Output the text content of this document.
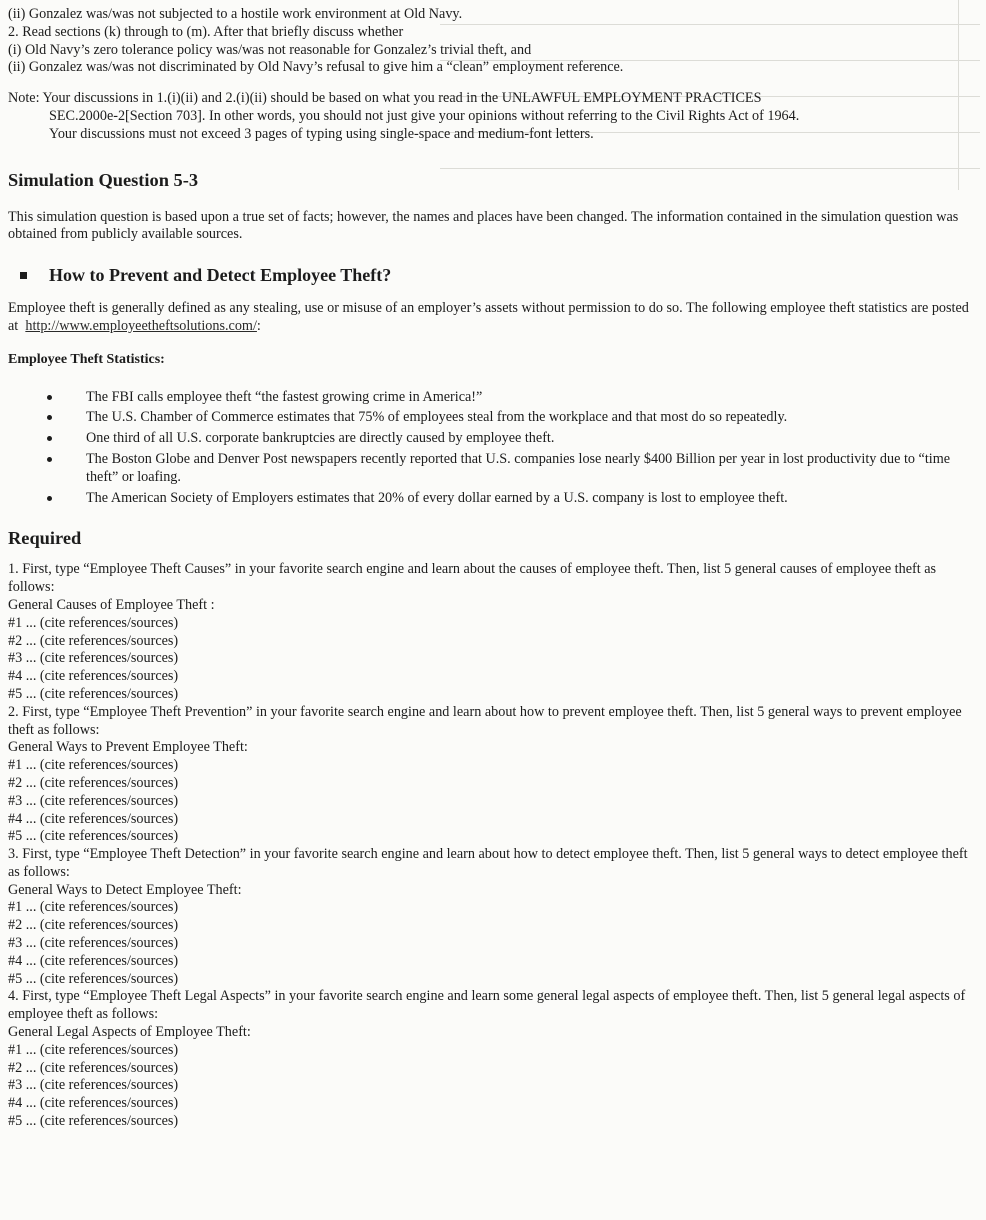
(ii) Gonzalez was/was not subjected to a hostile work environment at Old Navy.

2. Read sections (k) through to (m). After that briefly discuss whether

(i) Old Navy’s zero tolerance policy was/was not reasonable for Gonzalez’s trivial theft, and

(ii) Gonzalez was/was not discriminated by Old Navy’s refusal to give him a “clean” employment reference.

Note: Your discussions in 1.(i)(ii) and 2.(i)(ii) should be based on what you read in the UNLAWFUL EMPLOYMENT PRACTICES

SEC.2000e-2[Section 703]. In other words, you should not just give your opinions without referring to the Civil Rights Act of 1964.

Your discussions must not exceed 3 pages of typing using single-space and medium-font letters.

Simulation Question 5-3

This simulation question is based upon a true set of facts; however, the names and places have been changed. The information contained in the simulation question was obtained from publicly available sources.

How to Prevent and Detect Employee Theft?

Employee theft is generally defined as any stealing, use or misuse of an employer’s assets without permission to do so. The following employee theft statistics are posted at http://www.employeetheftsolutions.com/:

Employee Theft Statistics:

The FBI calls employee theft “the fastest growing crime in America!”
The U.S. Chamber of Commerce estimates that 75% of employees steal from the workplace and that most do so repeatedly.
One third of all U.S. corporate bankruptcies are directly caused by employee theft.
The Boston Globe and Denver Post newspapers recently reported that U.S. companies lose nearly $400 Billion per year in lost productivity due to “time theft” or loafing.
The American Society of Employers estimates that 20% of every dollar earned by a U.S. company is lost to employee theft.
Required

1. First, type “Employee Theft Causes” in your favorite search engine and learn about the causes of employee theft. Then, list 5 general causes of employee theft as follows:

General Causes of Employee Theft :

#1 ... (cite references/sources)

#2 ... (cite references/sources)

#3 ... (cite references/sources)

#4 ... (cite references/sources)

#5 ... (cite references/sources)

2. First, type “Employee Theft Prevention” in your favorite search engine and learn about how to prevent employee theft. Then, list 5 general ways to prevent employee theft as follows:

General Ways to Prevent Employee Theft:

#1 ... (cite references/sources)

#2 ... (cite references/sources)

#3 ... (cite references/sources)

#4 ... (cite references/sources)

#5 ... (cite references/sources)

3. First, type “Employee Theft Detection” in your favorite search engine and learn about how to detect employee theft. Then, list 5 general ways to detect employee theft as follows:

General Ways to Detect Employee Theft:

#1 ... (cite references/sources)

#2 ... (cite references/sources)

#3 ... (cite references/sources)

#4 ... (cite references/sources)

#5 ... (cite references/sources)

4. First, type “Employee Theft Legal Aspects” in your favorite search engine and learn some general legal aspects of employee theft. Then, list 5 general legal aspects of employee theft as follows:

General Legal Aspects of Employee Theft:

#1 ... (cite references/sources)

#2 ... (cite references/sources)

#3 ... (cite references/sources)

#4 ... (cite references/sources)

#5 ... (cite references/sources)
